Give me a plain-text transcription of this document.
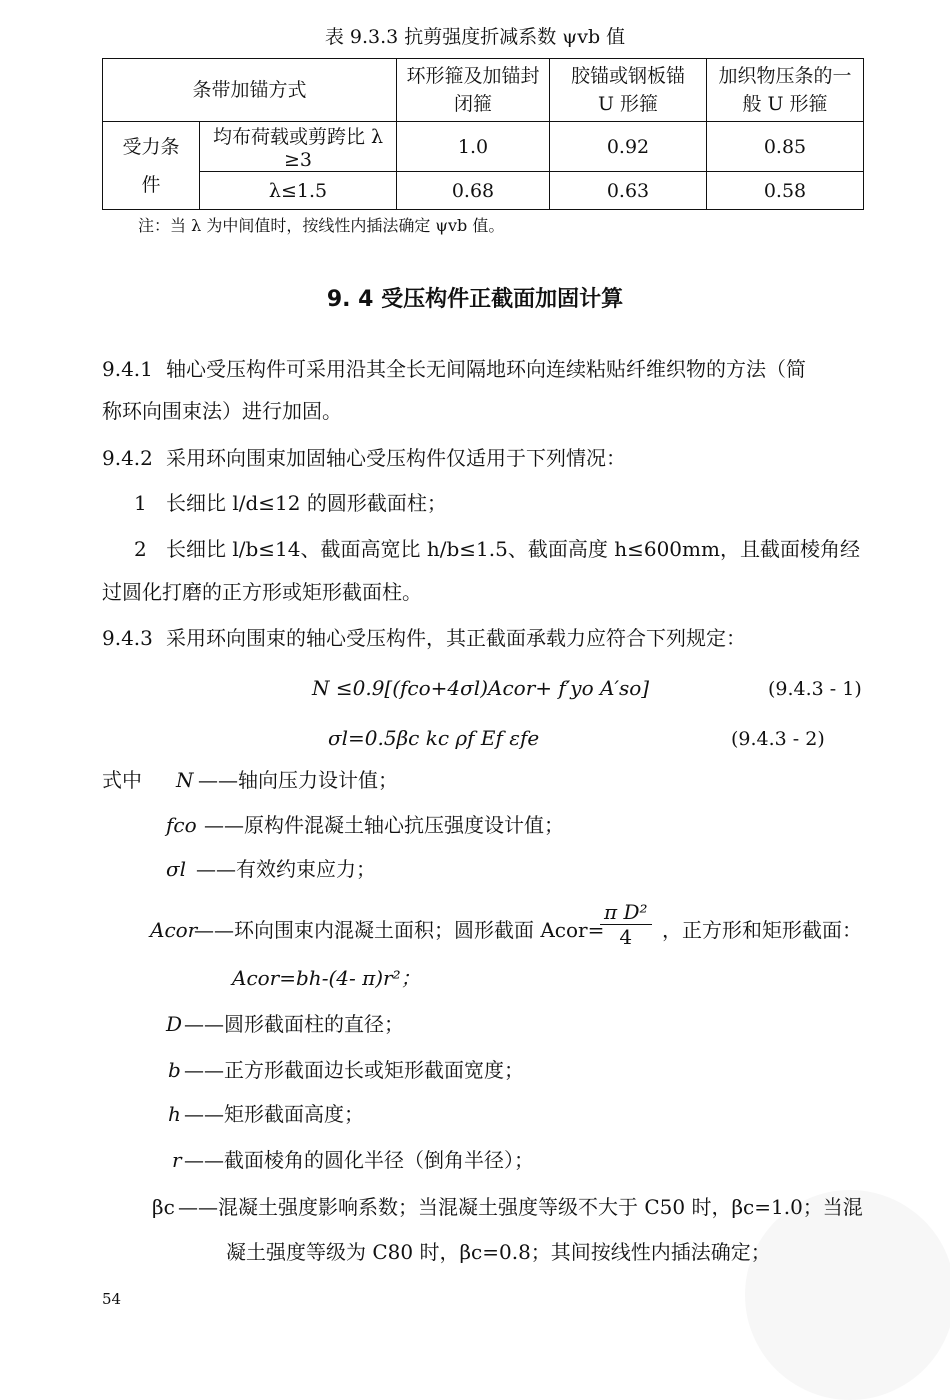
表 9.3.3 抗剪强度折减系数 ψvb 值
条带加锚方式		环形箍及加锚封闭箍	胶锚或钢板锚 U 形箍	加织物压条的一般 U 形箍
受力条件	均布荷载或剪跨比 λ ≥3	1.0	0.92	0.85
	λ≤1.5	0.68	0.63	0.58
注：当 λ 为中间值时，按线性内插法确定 ψvb 值。
9. 4 受压构件正截面加固计算
9.4.1 轴心受压构件可采用沿其全长无间隔地环向连续粘贴纤维织物的方法（简
称环向围束法）进行加固。
9.4.2 采用环向围束加固轴心受压构件仅适用于下列情况：
1 长细比 l/d≤12 的圆形截面柱；
2 长细比 l/b≤14、截面高宽比 h/b≤1.5、截面高度 h≤600mm，且截面棱角经
过圆化打磨的正方形或矩形截面柱。
9.4.3 采用环向围束的轴心受压构件，其正截面承载力应符合下列规定：
N ≤0.9[(fco+4σl)Acor+ f′yo A′so]	(9.4.3 - 1)
σl=0.5βc kc ρf Ef εfe	(9.4.3 - 2)
式中 N ——轴向压力设计值；
fco ——原构件混凝土轴心抗压强度设计值；
σl ——有效约束应力；
Acor
——环向围束内混凝土面积；圆形截面 Acor=
$\frac{\text{π D²}}{4}$ ，正方形和矩形截面：
Acor=bh-(4- π)r²；
D ——圆形截面柱的直径；
b ——正方形截面边长或矩形截面宽度；
h ——矩形截面高度；
r ——截面棱角的圆化半径（倒角半径）；
βc ——混凝土强度影响系数；当混凝土强度等级不大于 C50 时，βc=1.0；当混
凝土强度等级为 C80 时，βc=0.8；其间按线性内插法确定；
54
